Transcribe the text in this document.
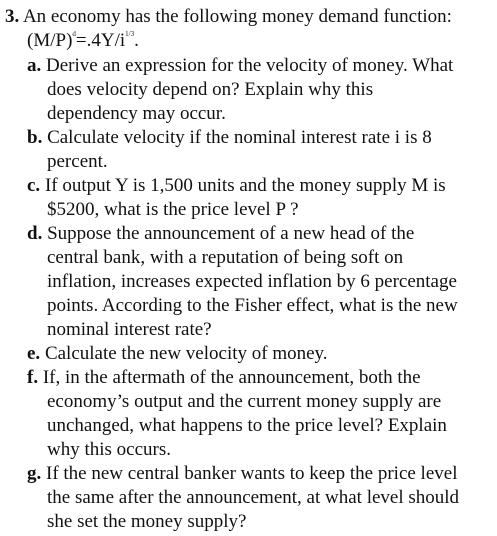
3. An economy has the following money demand function:
$(M/P)^d=.4Y/i^{1/3}$.
a. Derive an expression for the velocity of money. What
does velocity depend on? Explain why this
dependency may occur.
b. Calculate velocity if the nominal interest rate i is 8
percent.
c. If output Y is 1,500 units and the money supply M is
$5200, what is the price level P ?
d. Suppose the announcement of a new head of the
central bank, with a reputation of being soft on
inflation, increases expected inflation by 6 percentage
points. According to the Fisher effect, what is the new
nominal interest rate?
e. Calculate the new velocity of money.
f. If, in the aftermath of the announcement, both the
economy’s output and the current money supply are
unchanged, what happens to the price level? Explain
why this occurs.
g. If the new central banker wants to keep the price level
the same after the announcement, at what level should
she set the money supply?
